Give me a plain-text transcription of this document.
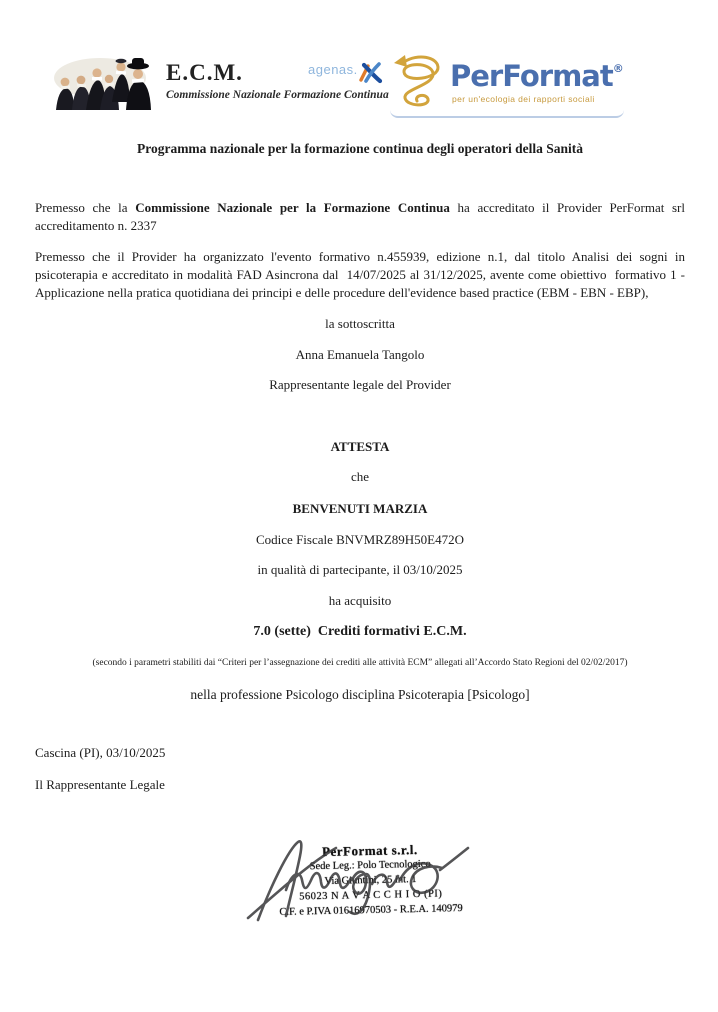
E.C.M.
Commissione Nazionale Formazione Continua
agenas.	PerFormat®
per un'ecologia dei rapporti sociali
Programma nazionale per la formazione continua degli operatori della Sanità

Premesso che la Commissione Nazionale per la Formazione Continua ha accreditato il Provider PerFormat srl accreditamento n. 2337

Premesso che il Provider ha organizzato l'evento formativo n.455939, edizione n.1, dal titolo Analisi dei sogni in psicoterapia e accreditato in modalità FAD Asincrona dal  14/07/2025 al 31/12/2025, avente come obiettivo  formativo 1 - Applicazione nella pratica quotidiana dei principi e delle procedure dell'evidence based practice (EBM - EBN - EBP),

la sottoscritta
Anna Emanuela Tangolo
Rappresentante legale del Provider
ATTESTA
che
BENVENUTI MARZIA
Codice Fiscale BNVMRZ89H50E472O
in qualità di partecipante, il 03/10/2025
ha acquisito
7.0 (sette)  Crediti formativi E.C.M.
(secondo i parametri stabiliti dai “Criteri per l’assegnazione dei crediti alle attività ECM” allegati all’Accordo Stato Regioni del 02/02/2017)
nella professione Psicologo disciplina Psicoterapia [Psicologo]
Cascina (PI), 03/10/2025
Il Rappresentante Legale
PerFormat s.r.l.
Sede Leg.: Polo Tecnologico
Via Giuntini, 25 int. 1
56023 N A V A C C H I O (PI)
C.F. e P.IVA 01616970503 - R.E.A. 140979
